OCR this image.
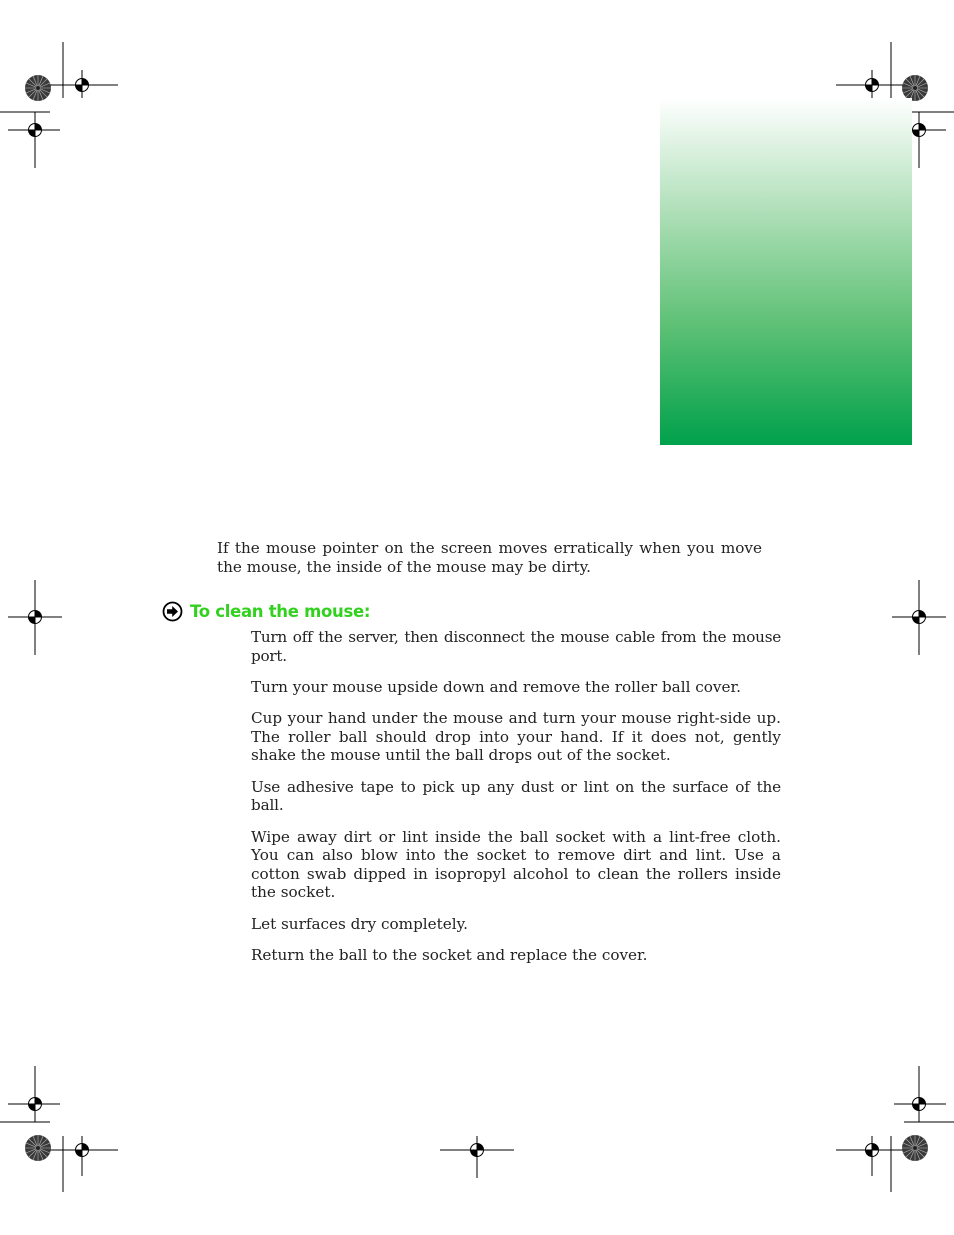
If the mouse pointer on the screen moves erratically when you move the mouse, the inside of the mouse may be dirty.

To clean the mouse:
Turn off the server, then disconnect the mouse cable from the mouse port.
Turn your mouse upside down and remove the roller ball cover.
Cup your hand under the mouse and turn your mouse right-side up. The roller ball should drop into your hand. If it does not, gently shake the mouse until the ball drops out of the socket.
Use adhesive tape to pick up any dust or lint on the surface of the ball.
Wipe away dirt or lint inside the ball socket with a lint-free cloth. You can also blow into the socket to remove dirt and lint. Use a cotton swab dipped in isopropyl alcohol to clean the rollers inside the socket.
Let surfaces dry completely.
Return the ball to the socket and replace the cover.
